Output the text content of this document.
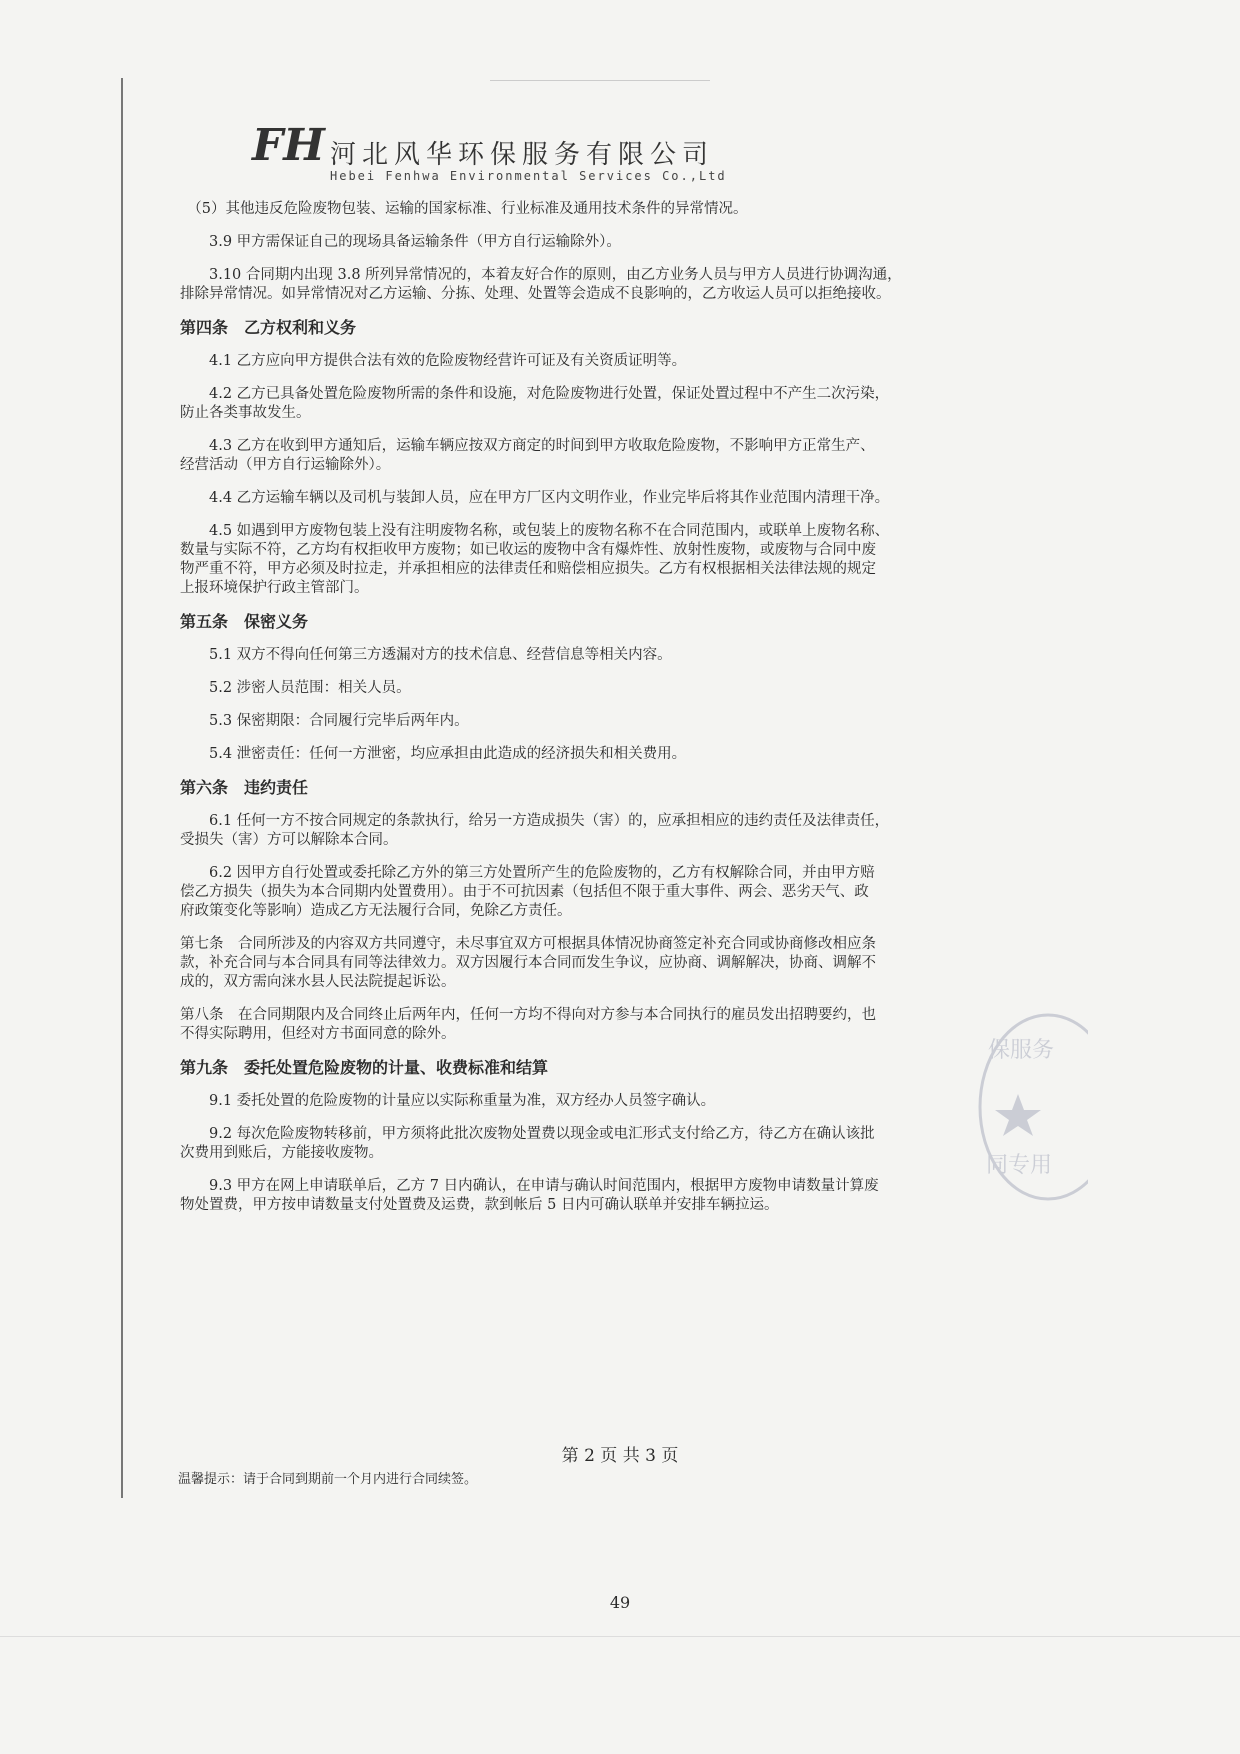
FH 河北风华环保服务有限公司
Hebei Fenhwa Environmental Services Co.,Ltd
　（5）其他违反危险废物包装、运输的国家标准、行业标准及通用技术条件的异常情况。
　　3.9 甲方需保证自己的现场具备运输条件（甲方自行运输除外）。
　　3.10 合同期内出现 3.8 所列异常情况的，本着友好合作的原则，由乙方业务人员与甲方人员进行协调沟通，
排除异常情况。如异常情况对乙方运输、分拣、处理、处置等会造成不良影响的，乙方收运人员可以拒绝接收。
第四条　乙方权利和义务
　　4.1 乙方应向甲方提供合法有效的危险废物经营许可证及有关资质证明等。
　　4.2 乙方已具备处置危险废物所需的条件和设施，对危险废物进行处置，保证处置过程中不产生二次污染，
防止各类事故发生。
　　4.3 乙方在收到甲方通知后，运输车辆应按双方商定的时间到甲方收取危险废物，不影响甲方正常生产、
经营活动（甲方自行运输除外）。
　　4.4 乙方运输车辆以及司机与装卸人员，应在甲方厂区内文明作业，作业完毕后将其作业范围内清理干净。
　　4.5 如遇到甲方废物包装上没有注明废物名称，或包装上的废物名称不在合同范围内，或联单上废物名称、
数量与实际不符，乙方均有权拒收甲方废物；如已收运的废物中含有爆炸性、放射性废物，或废物与合同中废
物严重不符，甲方必须及时拉走，并承担相应的法律责任和赔偿相应损失。乙方有权根据相关法律法规的规定
上报环境保护行政主管部门。
第五条　保密义务
　　5.1 双方不得向任何第三方透漏对方的技术信息、经营信息等相关内容。
　　5.2 涉密人员范围：相关人员。
　　5.3 保密期限：合同履行完毕后两年内。
　　5.4 泄密责任：任何一方泄密，均应承担由此造成的经济损失和相关费用。
第六条　违约责任
　　6.1 任何一方不按合同规定的条款执行，给另一方造成损失（害）的，应承担相应的违约责任及法律责任，
受损失（害）方可以解除本合同。
　　6.2 因甲方自行处置或委托除乙方外的第三方处置所产生的危险废物的，乙方有权解除合同，并由甲方赔
偿乙方损失（损失为本合同期内处置费用）。由于不可抗因素（包括但不限于重大事件、两会、恶劣天气、政
府政策变化等影响）造成乙方无法履行合同，免除乙方责任。
第七条　合同所涉及的内容双方共同遵守，未尽事宜双方可根据具体情况协商签定补充合同或协商修改相应条
款，补充合同与本合同具有同等法律效力。双方因履行本合同而发生争议，应协商、调解解决，协商、调解不
成的，双方需向涞水县人民法院提起诉讼。
第八条　在合同期限内及合同终止后两年内，任何一方均不得向对方参与本合同执行的雇员发出招聘要约，也
不得实际聘用，但经对方书面同意的除外。
第九条　委托处置危险废物的计量、收费标准和结算
　　9.1 委托处置的危险废物的计量应以实际称重量为准，双方经办人员签字确认。
　　9.2 每次危险废物转移前，甲方须将此批次废物处置费以现金或电汇形式支付给乙方，待乙方在确认该批
次费用到账后，方能接收废物。
　　9.3 甲方在网上申请联单后，乙方 7 日内确认，在申请与确认时间范围内，根据甲方废物申请数量计算废
物处置费，甲方按申请数量支付处置费及运费，款到帐后 5 日内可确认联单并安排车辆拉运。
保服务
同专用
第 2 页 共 3 页
温馨提示：请于合同到期前一个月内进行合同续签。
49
